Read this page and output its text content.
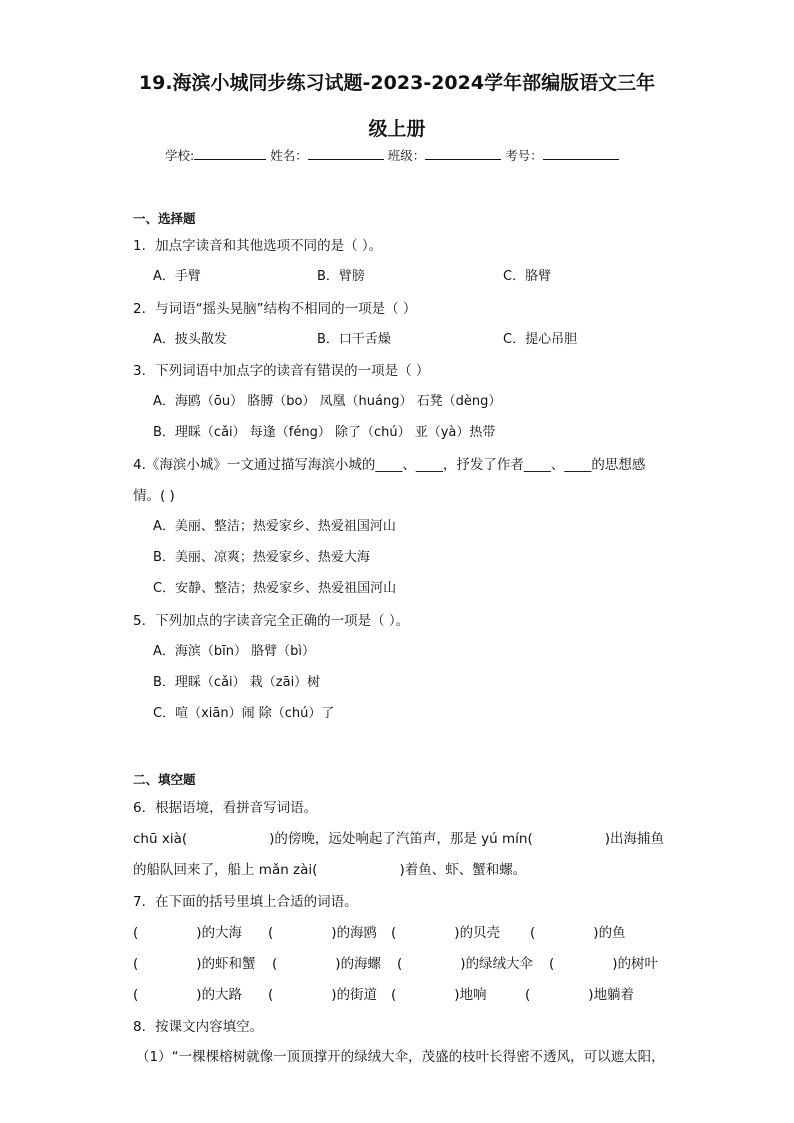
19.海滨小城同步练习试题-2023-2024学年部编版语文三年
级上册
学校:	姓名：	班级：	考号：
一、选择题
1．加点字读音和其他选项不同的是（ ）。
A．手臂	B．臂膀	C．胳臂
2．与词语“摇头晃脑”结构不相同的一项是（ ）
A．披头散发	B．口干舌燥	C．提心吊胆
3．下列词语中加点字的读音有错误的一项是（ ）
A．海鸥（ōu） 胳膊（bo） 凤凰（huáng） 石凳（dèng）
B．理睬（cǎi） 每逢（féng） 除了（chú） 亚（yà）热带
4.《海滨小城》一文通过描写海滨小城的____、____，抒发了作者____、____的思想感
情。( )
A．美丽、整洁；热爱家乡、热爱祖国河山
B．美丽、凉爽；热爱家乡、热爱大海
C．安静、整洁；热爱家乡、热爱祖国河山
5．下列加点的字读音完全正确的一项是（ ）。
A．海滨（bīn） 胳臂（bì）
B．理睬（cǎi） 栽（zāi）树
C．喧（xiān）闹 除（chú）了
二、填空题
6．根据语境，看拼音写词语。
chū xià(	)的傍晚，远处响起了汽笛声，那是 yú mín(	)出海捕鱼
的船队回来了，船上 mǎn zài(	)着鱼、虾、蟹和螺。
7．在下面的括号里填上合适的词语。
(	)的大海 (	)的海鸥 (	)的贝壳 (	)的鱼
(	)的虾和蟹 (	)的海螺 (	)的绿绒大伞 (	)的树叶
(	)的大路 (	)的街道 (	)地响	(	)地躺着
8．按课文内容填空。
（1）“一棵棵榕树就像一顶顶撑开的绿绒大伞，茂盛的枝叶长得密不透风，可以遮太阳，
